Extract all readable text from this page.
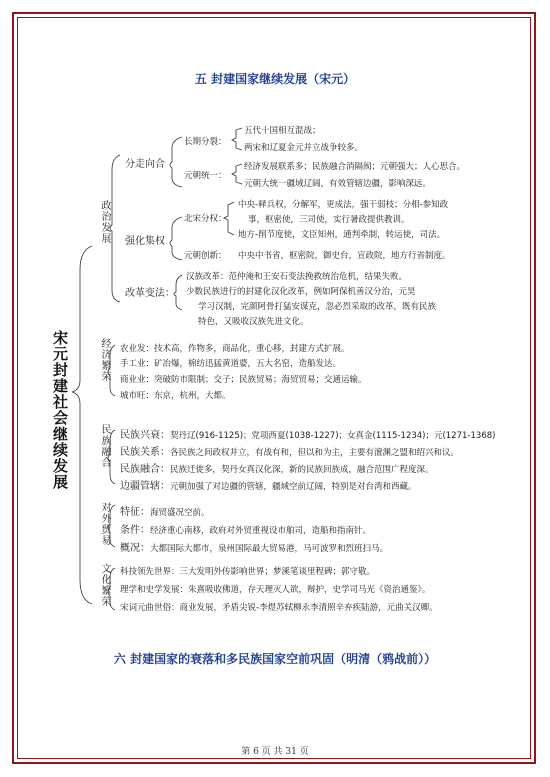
五 封建国家继续发展（宋元）
宋元封建社会继续发展
政治发展
分走向合
长期分裂：
五代十国相互混战；
两宋和辽夏金元并立战争较多。
元朝统一：
经济发展联系多；民族融合消隔阂；元朝强大；人心思合。
元朝大统一疆域辽阔，有效管辖边疆，影响深远。
强化集权
北宋分权：
中央-释兵权，分解军，更成法，强干弱枝；分相-参知政
事，枢密使，三司使，实行暑政提供教训。
地方-削节度使，文臣知州，通判牵制，转运使，司法。
元朝创新： 中央中书省，枢密院，御史台，宣政院，地方行省制度。
改革变法：
汉族改革：范仲淹和王安石变法挽救统治危机，结果失败。
少数民族进行的封建化汉化改革，例如阿保机善汉分治，元昊
学习汉制，完颜阿骨打猛安谋克，忽必烈采取的改革，既有民族
特色，又吸收汉族先进文化。
经济繁荣 农业发：技术高，作物多，商品化，重心移，封建方式扩展。
手工业：矿冶爆，棉纺迅猛黄道婆，五大名窑，造船发达。
商业业：突破防市限制；交子；民族贸易；海贸贸易；交通运输。
城市旺：东京，杭州，大都。
民族融合 民族兴衰：契丹辽(916-1125)；党项西夏(1038-1227)；女真金(1115-1234)；元(1271-1368)
民族关系：各民族之间政权并立，有战有和，但以和为主，主要有澶渊之盟和绍兴和议。
民族融合：民族迁徙多，契丹女真汉化深，新的民族回族成，融合范围广程度深。
边疆管辖：元朝加强了对边疆的管辖，疆域空前辽阔，特别是对台湾和西藏。
对外贸易 特征：海贸盛况空前。
条件：经济重心南移，政府对外贸重视设市舶司，造船和指南针。
概况：大都国际大都市，泉州国际最大贸易港，马可波罗和烈班扫马。
文化繁荣 科技领先世界：三大发明外传影响世界；梦溪笔谈里程碑；郭守敬。
理学和史学发展：朱熹吸收佛道，存天理灭人欲，辩护，史学司马光《资治通鉴》。
宋词元曲世俗：商业发展，矛盾尖锐-李煜苏轼柳永李清照辛弃疾陆游，元曲关汉卿。
六 封建国家的衰落和多民族国家空前巩固（明清（鸦战前））
第 6 页 共 31 页
